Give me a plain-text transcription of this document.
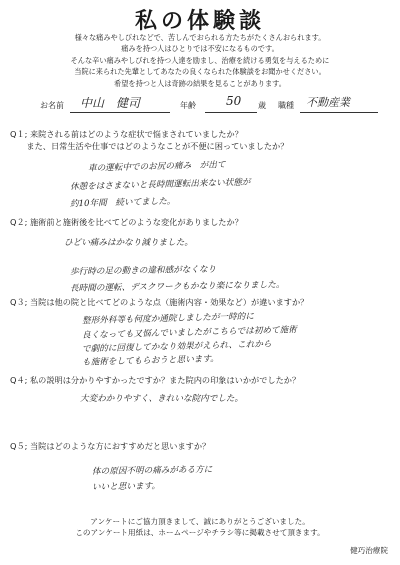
私の体験談
様々な痛みやしびれなどで、苦しんでおられる方たちがたくさんおられます。
痛みを持つ人はひとりでは不安になるものです。
そんな辛い痛みやしびれを持つ人達を励まし、治療を続ける勇気を与えるために
当院に来られた先輩としてあなたの良くなられた体験談をお聞かせください。
希望を持つと人は奇跡の結果を見ることがあります。
お名前 中山　健司	年齢	50 歳 職種 不動産業
Q１; 来院される前はどのような症状で悩まされていましたか？
　　また、日常生活や仕事ではどのようなことが不便に困っていましたか？
車の運転中でのお尻の痛み　が出て
休憩をはさまないと長時間運転出来ない状態が
約10年間　続いてました。
Q２; 施術前と施術後を比べてどのような変化がありましたか？
ひどい痛みはかなり減りました。
歩行時の足の動きの違和感がなくなり
長時間の運転、デスクワークもかなり楽になりました。
Q３; 当院は他の院と比べてどのような点（施術内容・効果など）が違いますか？
整形外科等も何度か通院しましたが一時的に
良くなっても又悩んでいましたがこちらでは初めて施術
で劇的に回復してかなり効果がえられ、これから
も施術をしてもらおうと思います。
Q４; 私の説明は分かりやすかったですか？また院内の印象はいかがでしたか？
大変わかりやすく、きれいな院内でした。
Q５; 当院はどのような方におすすめだと思いますか？
体の原因不明の痛みがある方に
いいと思います。
アンケートにご協力頂きまして、誠にありがとうございました。
このアンケート用紙は、ホームページやチラシ等に掲載させて頂きます。
健巧治療院
